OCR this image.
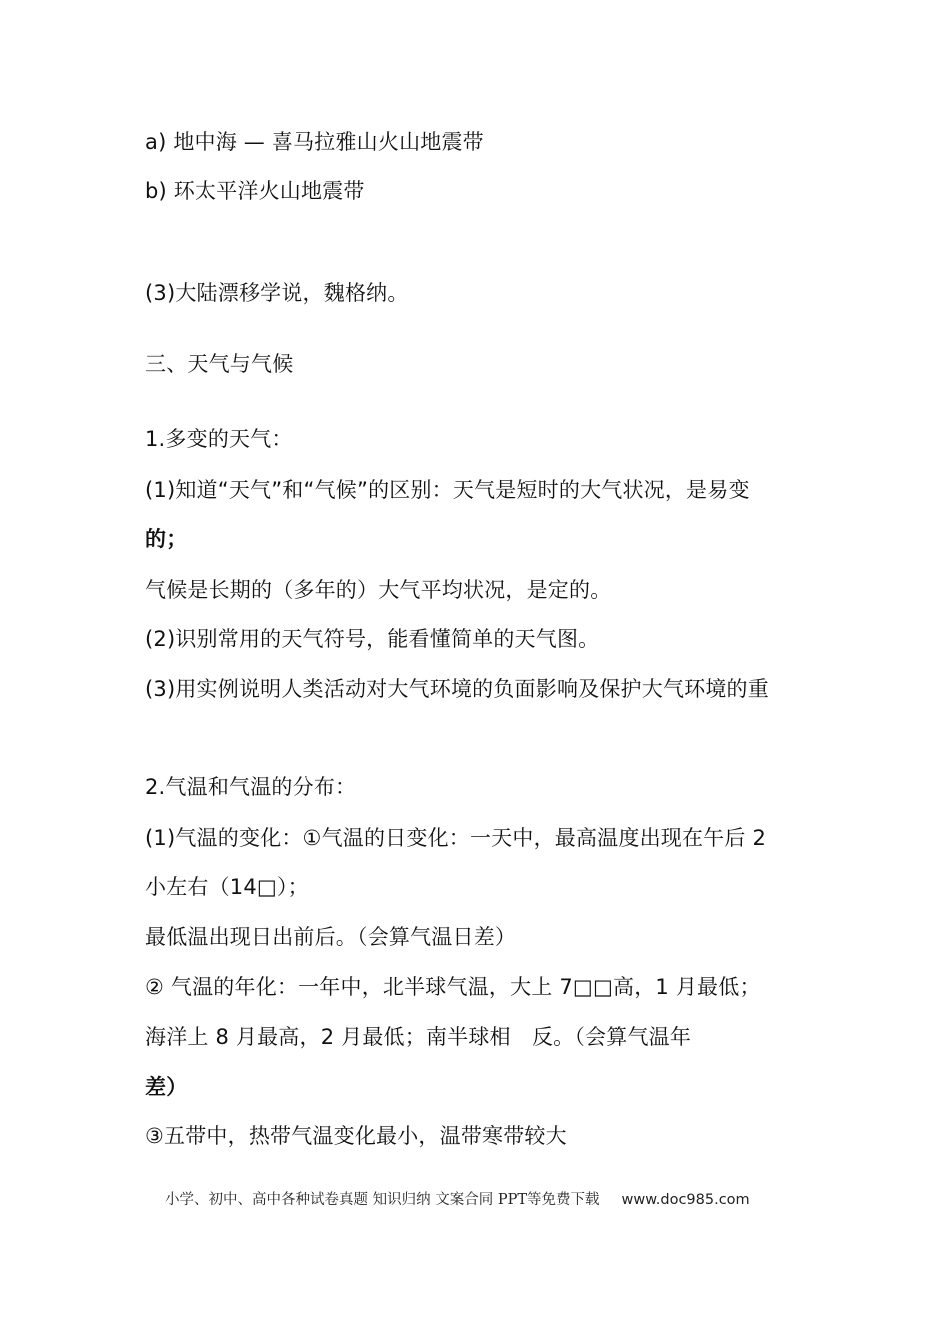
a) 地中海 — 喜马拉雅山火山地震带
b) 环太平洋火山地震带
(3)大陆漂移学说，魏格纳。
三、天气与气候
1.多变的天气：
(1)知道“天气”和“气候”的区别：天气是短时的大气状况，是易变
的；
气候是长期的（多年的）大气平均状况，是定的。
(2)识别常用的天气符号，能看懂简单的天气图。
(3)用实例说明人类活动对大气环境的负面影响及保护大气环境的重
2.气温和气温的分布：
(1)气温的变化：①气温的日变化：一天中，最高温度出现在午后 2
小左右（14□）；
最低温出现日出前后。（会算气温日差）
② 气温的年化：一年中，北半球气温，大上 7□□高，1 月最低；
海洋上 8 月最高，2 月最低；南半球相　反。（会算气温年
差）
③五带中，热带气温变化最小，温带寒带较大
小学、初中、高中各种试卷真题 知识归纳 文案合同 PPT等免费下载 www.doc985.com
